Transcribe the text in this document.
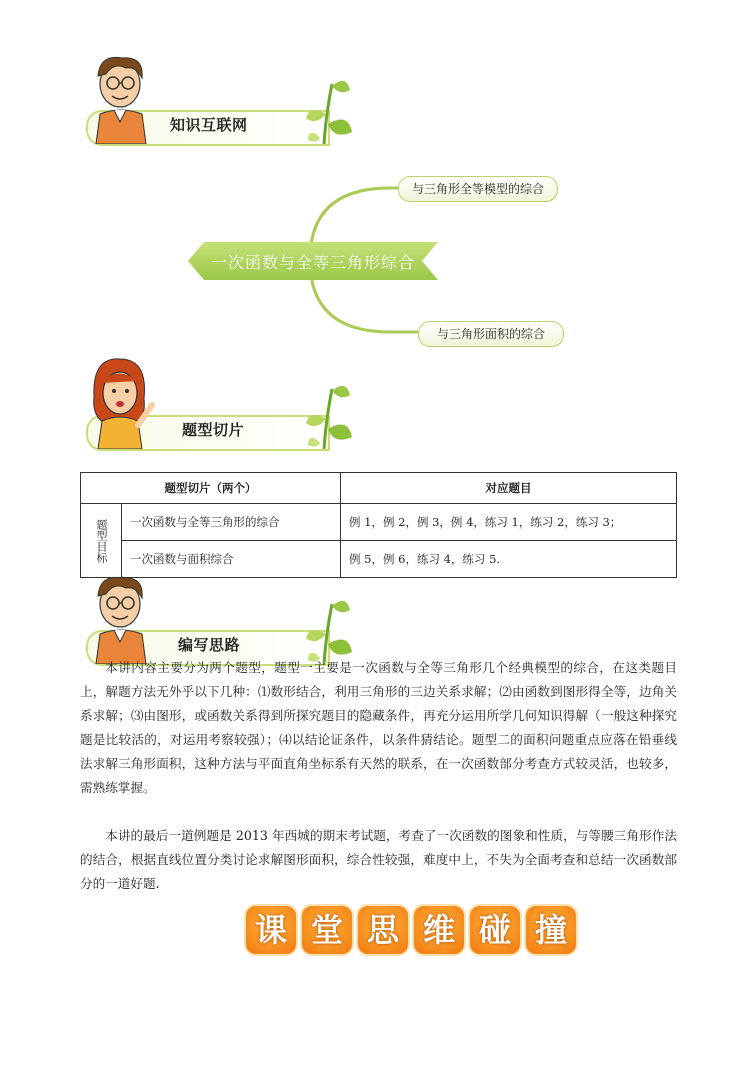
知识互联网
与三角形全等模型的综合
一次函数与全等三角形综合
与三角形面积的综合
题型切片
题型切片（两个）		对应题目

题型目标	一次函数与全等三角形的综合	例 1，例 2，例 3，例 4，练习 1，练习 2，练习 3；
	一次函数与面积综合	例 5，例 6，练习 4，练习 5.
编写思路

本讲内容主要分为两个题型，题型一主要是一次函数与全等三角形几个经典模型的综合，在这类题目上，解题方法无外乎以下几种：⑴数形结合，利用三角形的三边关系求解；⑵由函数到图形得全等，边角关系求解；⑶由图形，或函数关系得到所探究题目的隐藏条件，再充分运用所学几何知识得解（一般这种探究题是比较活的，对运用考察较强）；⑷以结论证条件，以条件猜结论。题型二的面积问题重点应落在铅垂线法求解三角形面积，这种方法与平面直角坐标系有天然的联系，在一次函数部分考查方式较灵活，也较多，需熟练掌握。

本讲的最后一道例题是 2013 年西城的期末考试题，考查了一次函数的图象和性质，与等腰三角形作法的结合，根据直线位置分类讨论求解图形面积，综合性较强，难度中上，不失为全面考查和总结一次函数部分的一道好题.

课 堂 思 维 碰 撞
